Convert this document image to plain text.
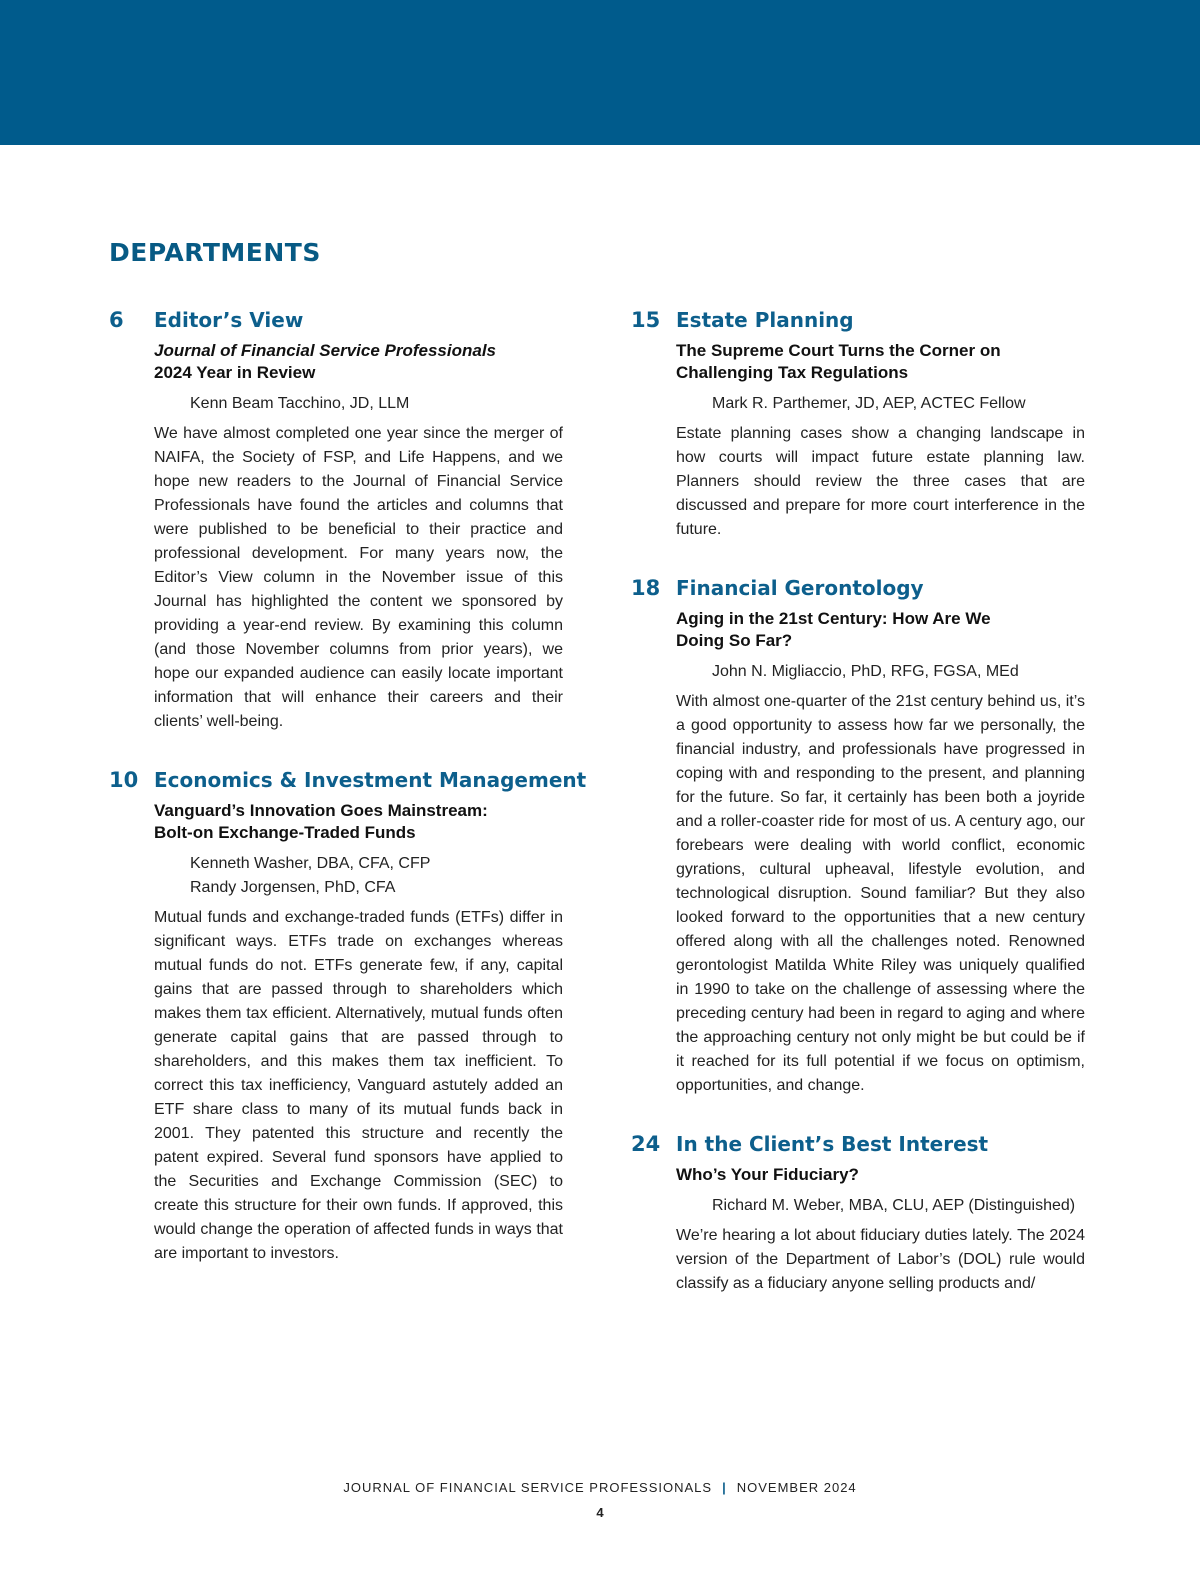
DEPARTMENTS
6 Editor’s View
Journal of Financial Service Professionals
2024 Year in Review
Kenn Beam Tacchino, JD, LLM

We have almost completed one year since the merger of NAIFA, the Society of FSP, and Life Happens, and we hope new readers to the Journal of Financial Service Professionals have found the articles and columns that were published to be beneficial to their practice and professional development. For many years now, the Editor’s View column in the November issue of this Journal has highlighted the content we sponsored by providing a year-end review. By examining this column (and those November columns from prior years), we hope our expanded audience can easily locate important information that will enhance their careers and their clients’ well-being.

10 Economics & Investment Management
Vanguard’s Innovation Goes Mainstream:
Bolt-on Exchange-Traded Funds
Kenneth Washer, DBA, CFA, CFP
Randy Jorgensen, PhD, CFA

Mutual funds and exchange-traded funds (ETFs) differ in significant ways. ETFs trade on exchanges whereas mutual funds do not. ETFs generate few, if any, capital gains that are passed through to shareholders which makes them tax efficient. Alternatively, mutual funds often generate capital gains that are passed through to shareholders, and this makes them tax inefficient. To correct this tax inefficiency, Vanguard astutely added an ETF share class to many of its mutual funds back in 2001. They patented this structure and recently the patent expired. Several fund sponsors have applied to the Securities and Exchange Commission (SEC) to create this structure for their own funds. If approved, this would change the operation of affected funds in ways that are important to investors.

15 Estate Planning
The Supreme Court Turns the Corner on
Challenging Tax Regulations
Mark R. Parthemer, JD, AEP, ACTEC Fellow

Estate planning cases show a changing landscape in how courts will impact future estate planning law. Planners should review the three cases that are discussed and prepare for more court interference in the future.

18 Financial Gerontology
Aging in the 21st Century: How Are We
Doing So Far?
John N. Migliaccio, PhD, RFG, FGSA, MEd

With almost one-quarter of the 21st century behind us, it’s a good opportunity to assess how far we personally, the financial industry, and professionals have progressed in coping with and responding to the present, and planning for the future. So far, it certainly has been both a joyride and a roller-coaster ride for most of us. A century ago, our forebears were dealing with world conflict, economic gyrations, cultural upheaval, lifestyle evolution, and technological disruption. Sound familiar? But they also looked forward to the opportunities that a new century offered along with all the challenges noted. Renowned gerontologist Matilda White Riley was uniquely qualified in 1990 to take on the challenge of assessing where the preceding century had been in regard to aging and where the approaching century not only might be but could be if it reached for its full potential if we focus on optimism, opportunities, and change.

24 In the Client’s Best Interest
Who’s Your Fiduciary?
Richard M. Weber, MBA, CLU, AEP (Distinguished)

We’re hearing a lot about fiduciary duties lately. The 2024 version of the Department of Labor’s (DOL) rule would classify as a fiduciary anyone selling products and/

JOURNAL OF FINANCIAL SERVICE PROFESSIONALS | NOVEMBER 2024
4
